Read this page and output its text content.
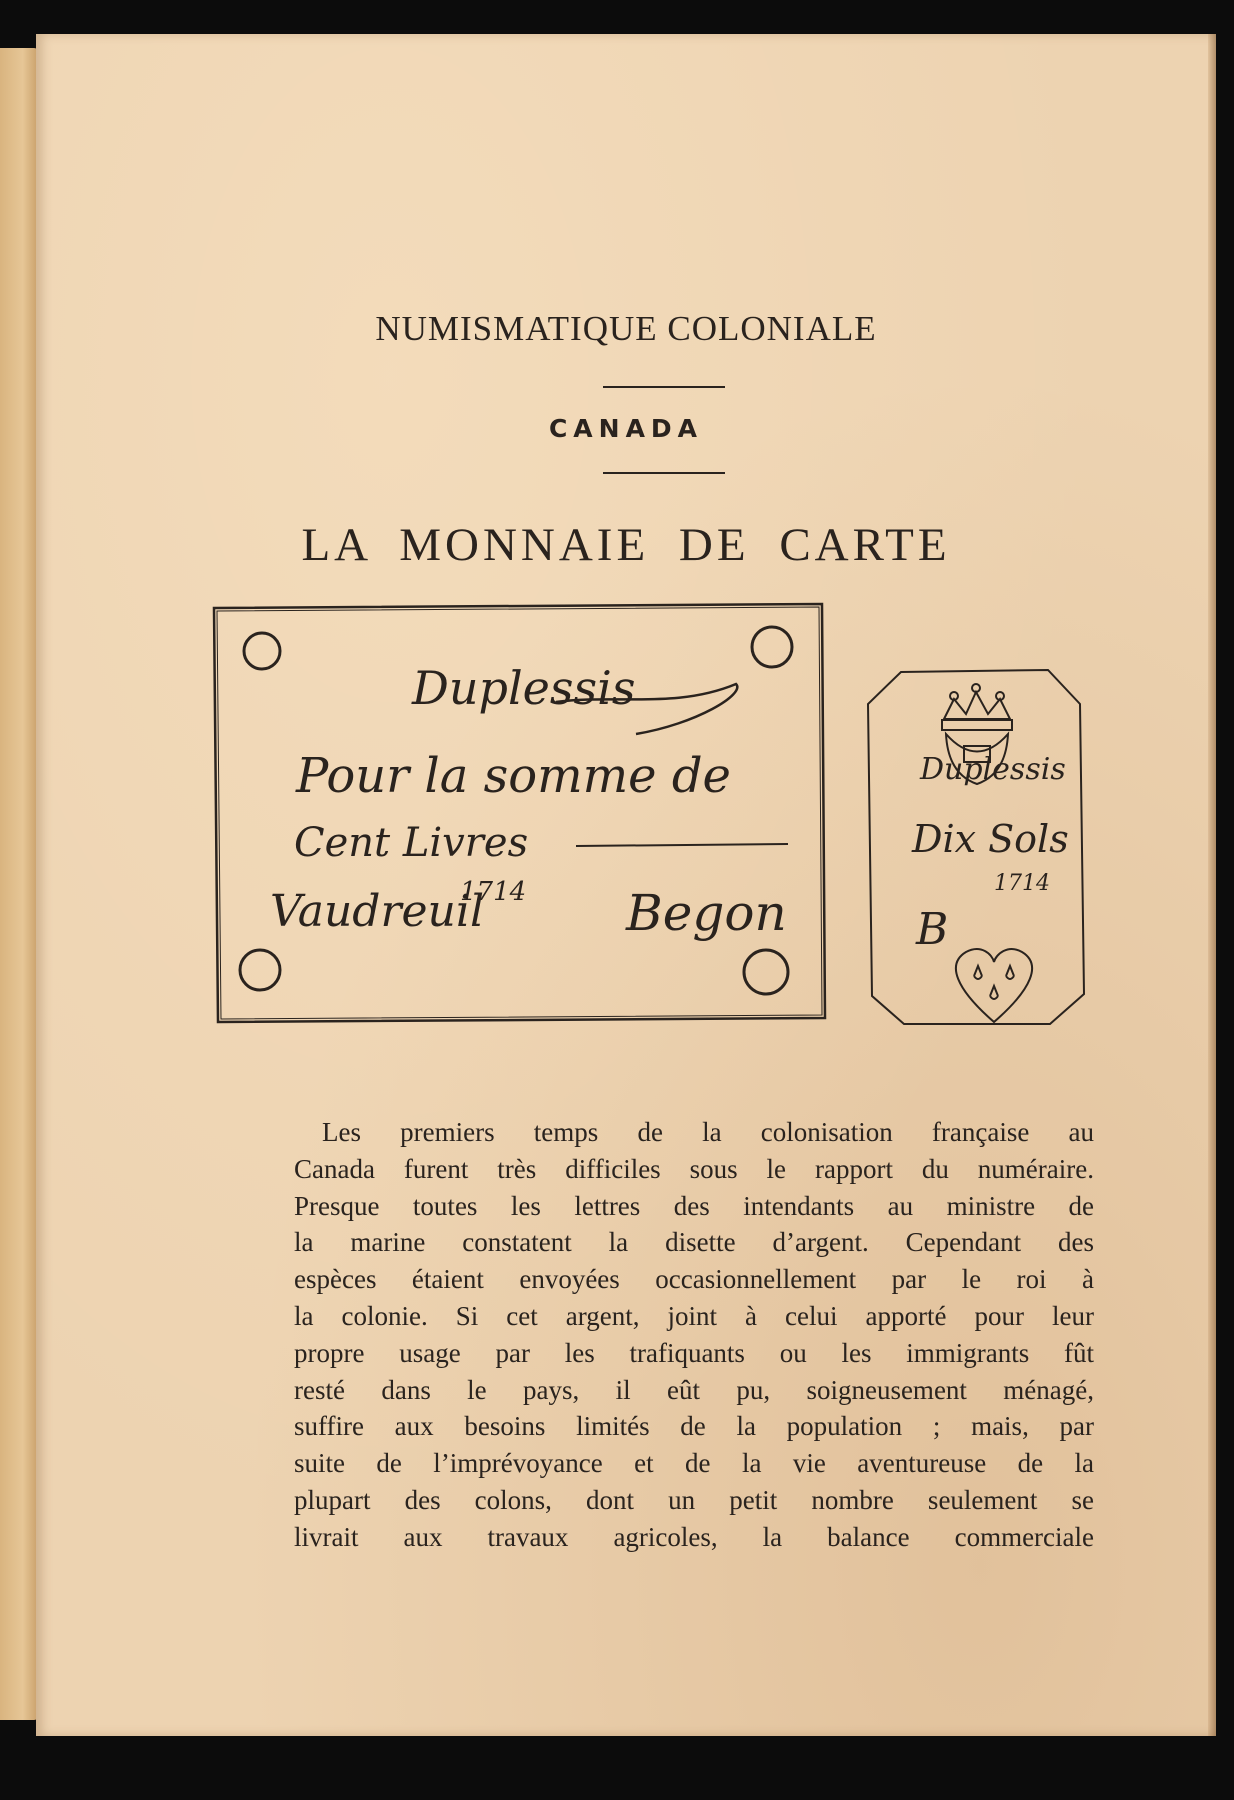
NUMISMATIQUE COLONIALE
CANADA
LA MONNAIE DE CARTE
Duplessis
Pour la somme de
Cent Livres
Vaudreuil
1714 Begon
Duplessis
Dix Sols
1714
B
Les premiers temps de la colonisation française au
Canada furent très difficiles sous le rapport du numéraire.
Presque toutes les lettres des intendants au ministre de
la marine constatent la disette d’argent. Cependant des
espèces étaient envoyées occasionnellement par le roi à
la colonie. Si cet argent, joint à celui apporté pour leur
propre usage par les trafiquants ou les immigrants fût
resté dans le pays, il eût pu, soigneusement ménagé,
suffire aux besoins limités de la population ; mais, par
suite de l’imprévoyance et de la vie aventureuse de la
plupart des colons, dont un petit nombre seulement se
livrait aux travaux agricoles, la balance commerciale
